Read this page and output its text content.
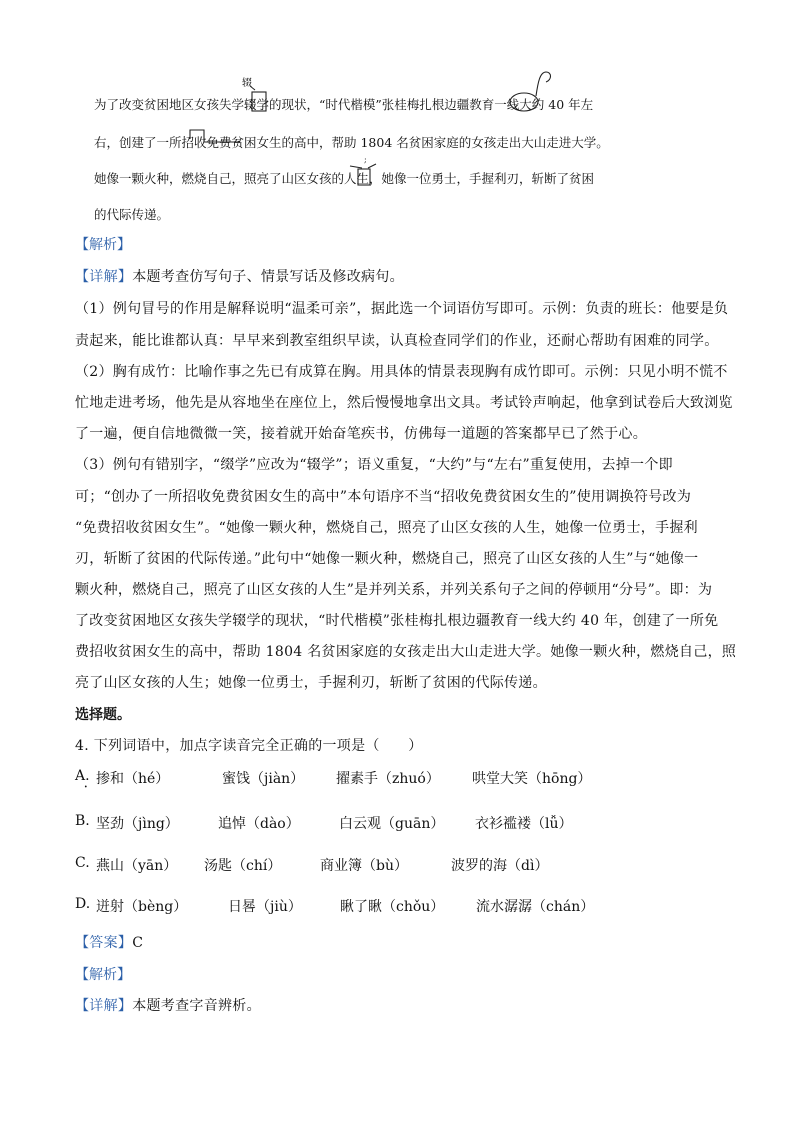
为了改变贫困地区女孩失学辍学的现状，“时代楷模”张桂梅扎根边疆教育一线大约 40 年左
右，创建了一所招收免费贫困女生的高中，帮助 1804 名贫困家庭的女孩走出大山走进大学。
她像一颗火种，燃烧自己，照亮了山区女孩的人生，她像一位勇士，手握利刃，斩断了贫困
的代际传递。
辍
;
【解析】
【详解】本题考查仿写句子、情景写话及修改病句。
（1）例句冒号的作用是解释说明“温柔可亲”，据此选一个词语仿写即可。示例：负责的班长：他要是负
责起来，能比谁都认真：早早来到教室组织早读，认真检查同学们的作业，还耐心帮助有困难的同学。
（2）胸有成竹：比喻作事之先已有成算在胸。用具体的情景表现胸有成竹即可。示例：只见小明不慌不
忙地走进考场，他先是从容地坐在座位上，然后慢慢地拿出文具。考试铃声响起，他拿到试卷后大致浏览
了一遍，便自信地微微一笑，接着就开始奋笔疾书，仿佛每一道题的答案都早已了然于心。
（3）例句有错别字，“缀学”应改为“辍学”；语义重复，“大约”与“左右”重复使用，去掉一个即
可；“创办了一所招收免费贫困女生的高中”本句语序不当“招收免费贫困女生的”使用调换符号改为
“免费招收贫困女生”。“她像一颗火种，燃烧自己，照亮了山区女孩的人生，她像一位勇士，手握利
刃，斩断了贫困的代际传递。”此句中“她像一颗火种，燃烧自己，照亮了山区女孩的人生”与“她像一
颗火种，燃烧自己，照亮了山区女孩的人生”是并列关系，并列关系句子之间的停顿用“分号”。即：为
了改变贫困地区女孩失学辍学的现状，“时代楷模”张桂梅扎根边疆教育一线大约 40 年，创建了一所免
费招收贫困女生的高中，帮助 1804 名贫困家庭的女孩走出大山走进大学。她像一颗火种，燃烧自己，照
亮了山区女孩的人生；她像一位勇士，手握利刃，斩断了贫困的代际传递。
选择题。
4. 下列词语中，加点字读音完全正确的一项是（　　）
A. 掺和（hé）	蜜饯（jiàn） 擢素手（zhuó） 哄堂大笑（hōng）
•
B. 坚劲（jìng）	追悼（dào）	白云观（guān） 衣衫褴褛（lǚ）
C. 燕山（yān） 汤匙（chí）	商业簿（bù）	波罗的海（dì）
D. 迸射（bèng）	日晷（jiù）	瞅了瞅（chǒu） 流水潺潺（chán）
【答案】C
【解析】
【详解】本题考查字音辨析。
